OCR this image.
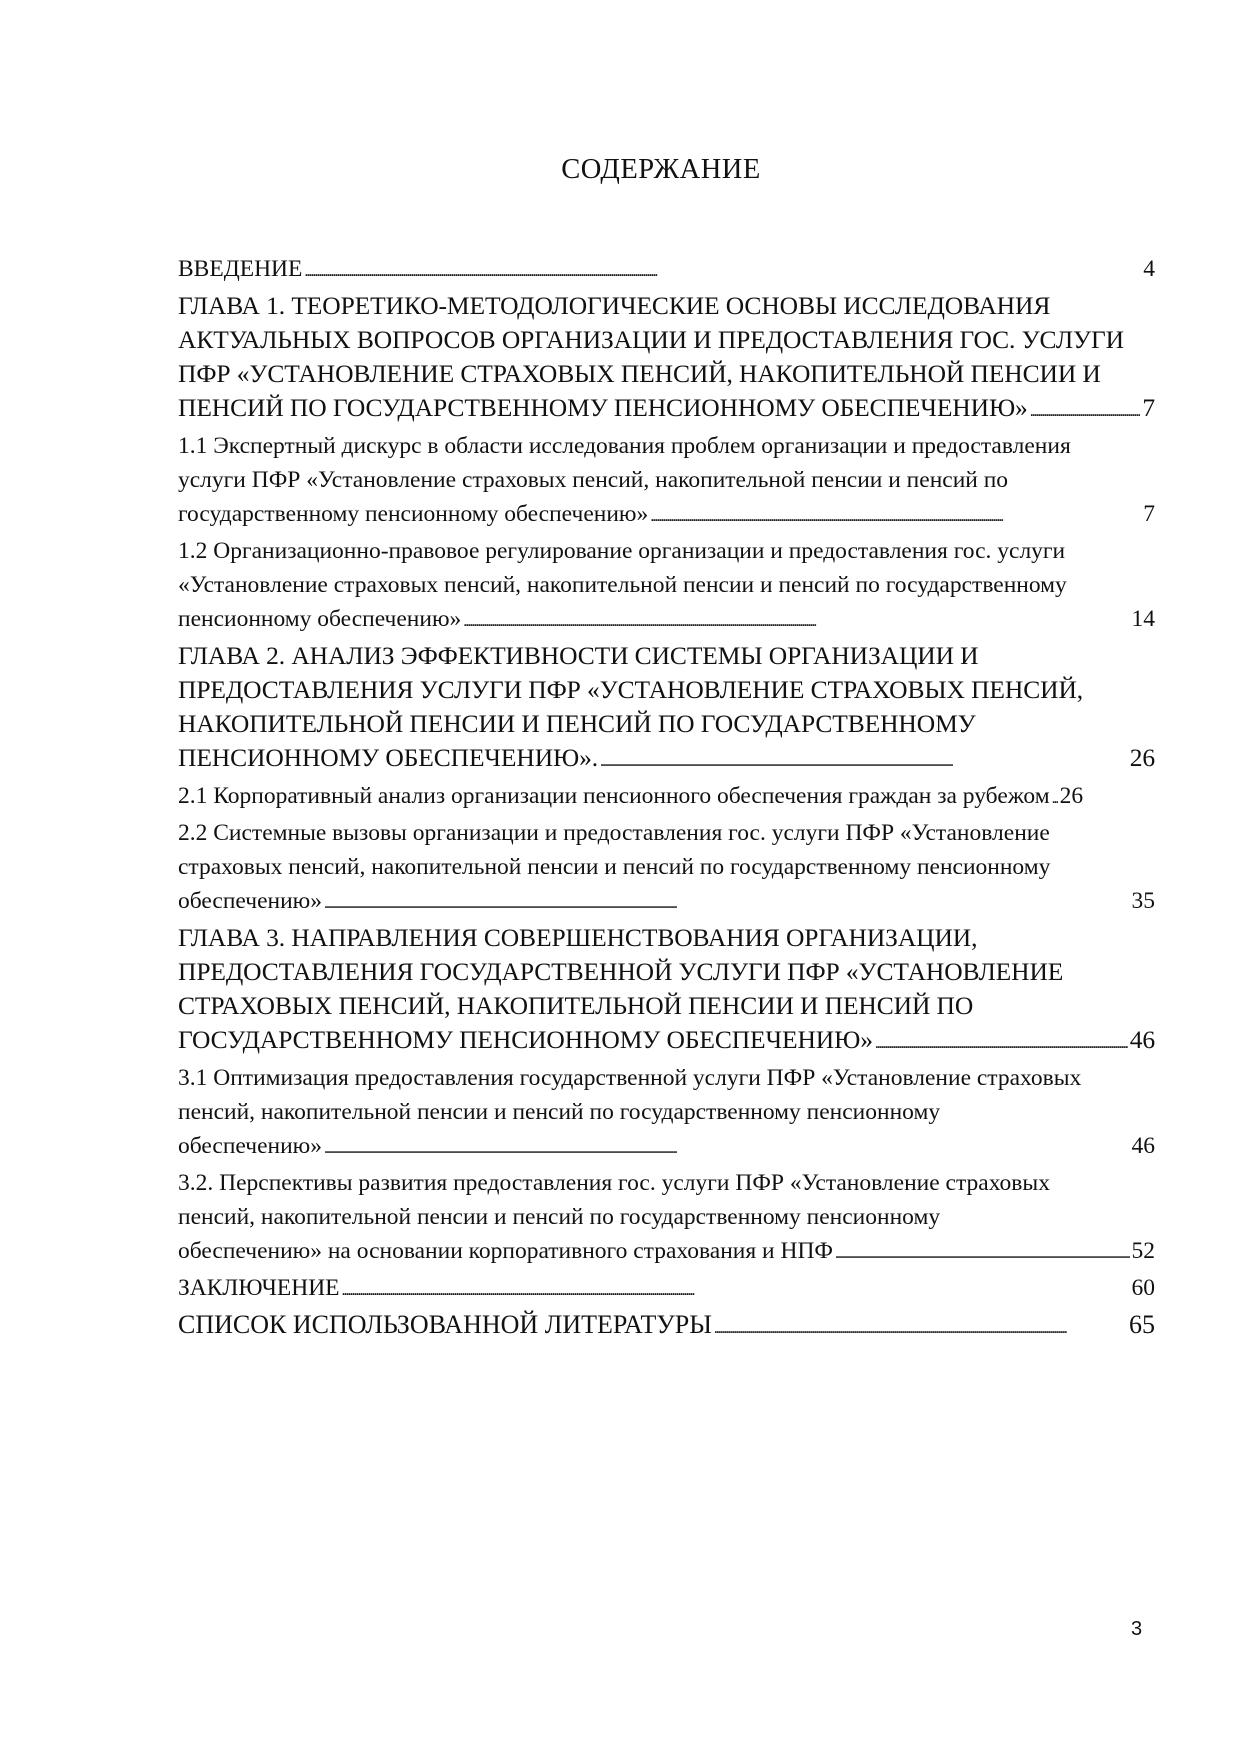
СОДЕРЖАНИЕ
ВВЕДЕНИЕ . . .	4
ГЛАВА 1. ТЕОРЕТИКО-МЕТОДОЛОГИЧЕСКИЕ ОСНОВЫ ИССЛЕДОВАНИЯ
АКТУАЛЬНЫХ ВОПРОСОВ ОРГАНИЗАЦИИ И ПРЕДОСТАВЛЕНИЯ ГОС. УСЛУГИ
ПФР «УСТАНОВЛЕНИЕ СТРАХОВЫХ ПЕНСИЙ, НАКОПИТЕЛЬНОЙ ПЕНСИИ И
ПЕНСИЙ ПО ГОСУДАРСТВЕННОМУ ПЕНСИОННОМУ ОБЕСПЕЧЕНИЮ» . . .	7
1.1 Экспертный дискурс в области исследования проблем организации и предоставления
услуги ПФР «Установление страховых пенсий, накопительной пенсии и пенсий по
государственному пенсионному обеспечению» . . .	7
1.2 Организационно-правовое регулирование организации и предоставления гос. услуги
«Установление страховых пенсий, накопительной пенсии и пенсий по государственному
пенсионному обеспечению» . . .	14
ГЛАВА 2. АНАЛИЗ ЭФФЕКТИВНОСТИ СИСТЕМЫ ОРГАНИЗАЦИИ И
ПРЕДОСТАВЛЕНИЯ УСЛУГИ ПФР «УСТАНОВЛЕНИЕ СТРАХОВЫХ ПЕНСИЙ,
НАКОПИТЕЛЬНОЙ ПЕНСИИ И ПЕНСИЙ ПО ГОСУДАРСТВЕННОМУ
ПЕНСИОННОМУ ОБЕСПЕЧЕНИЮ». . . .	26
2.1 Корпоративный анализ организации пенсионного обеспечения граждан за рубежом . . . 26
2.2 Системные вызовы организации и предоставления гос. услуги ПФР «Установление
страховых пенсий, накопительной пенсии и пенсий по государственному пенсионному
обеспечению» . . .	35
ГЛАВА 3. НАПРАВЛЕНИЯ СОВЕРШЕНСТВОВАНИЯ ОРГАНИЗАЦИИ,
ПРЕДОСТАВЛЕНИЯ ГОСУДАРСТВЕННОЙ УСЛУГИ ПФР «УСТАНОВЛЕНИЕ
СТРАХОВЫХ ПЕНСИЙ, НАКОПИТЕЛЬНОЙ ПЕНСИИ И ПЕНСИЙ ПО
ГОСУДАРСТВЕННОМУ ПЕНСИОННОМУ ОБЕСПЕЧЕНИЮ» . . .	46
3.1 Оптимизация предоставления государственной услуги ПФР «Установление страховых
пенсий, накопительной пенсии и пенсий по государственному пенсионному
обеспечению» . . .	46
3.2. Перспективы развития предоставления гос. услуги ПФР «Установление страховых
пенсий, накопительной пенсии и пенсий по государственному пенсионному
обеспечению» на основании корпоративного страхования и НПФ . . .	52
ЗАКЛЮЧЕНИЕ . . .	60
СПИСОК ИСПОЛЬЗОВАННОЙ ЛИТЕРАТУРЫ . . .	65
3
